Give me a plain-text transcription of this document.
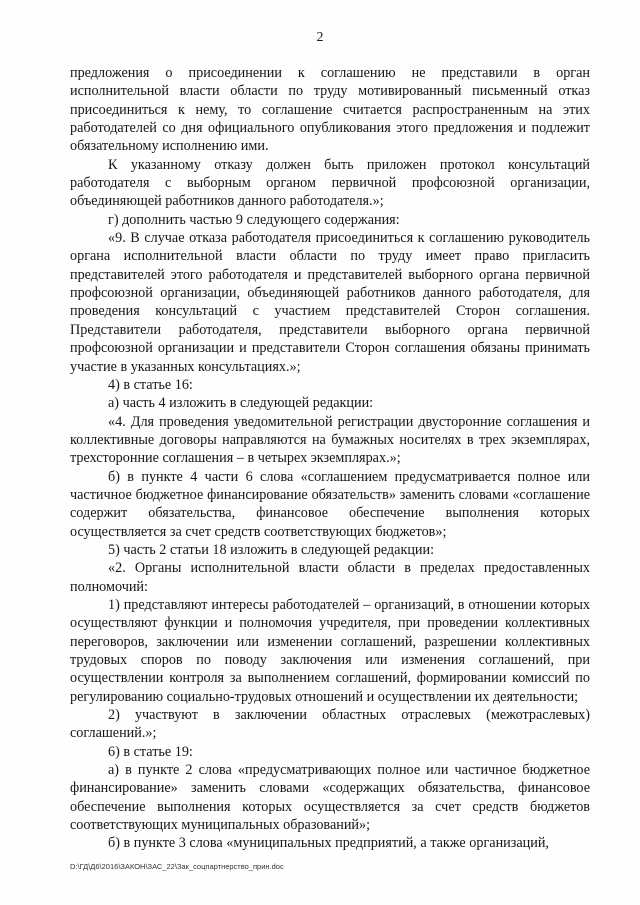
2

предложения о присоединении к соглашению не представили в орган исполнительной власти области по труду мотивированный письменный отказ присоединиться к нему, то соглашение считается распространенным на этих работодателей со дня официального опубликования этого предложения и подлежит обязательному исполнению ими.

К указанному отказу должен быть приложен протокол консультаций работодателя с выборным органом первичной профсоюзной организации, объединяющей работников данного работодателя.»;

г) дополнить частью 9 следующего содержания:

«9. В случае отказа работодателя присоединиться к соглашению руководитель органа исполнительной власти области по труду имеет право пригласить представителей этого работодателя и представителей выборного органа первичной профсоюзной организации, объединяющей работников данного работодателя, для проведения консультаций с участием представителей Сторон соглашения. Представители работодателя, представители выборного органа первичной профсоюзной организации и представители Сторон соглашения обязаны принимать участие в указанных консультациях.»;

4) в статье 16:

а) часть 4 изложить в следующей редакции:

«4. Для проведения уведомительной регистрации двусторонние соглашения и коллективные договоры направляются на бумажных носителях в трех экземплярах, трехсторонние соглашения – в четырех экземплярах.»;

б) в пункте 4 части 6 слова «соглашением предусматривается полное или частичное бюджетное финансирование обязательств» заменить словами «соглашение содержит обязательства, финансовое обеспечение выполнения которых осуществляется за счет средств соответствующих бюджетов»;

5) часть 2 статьи 18 изложить в следующей редакции:

«2. Органы исполнительной власти области в пределах предоставленных полномочий:

1) представляют интересы работодателей – организаций, в отношении которых осуществляют функции и полномочия учредителя, при проведении коллективных переговоров, заключении или изменении соглашений, разрешении коллективных трудовых споров по поводу заключения или изменения соглашений, при осуществлении контроля за выполнением соглашений, формировании комиссий по регулированию социально-трудовых отношений и осуществлении их деятельности;

2) участвуют в заключении областных отраслевых (межотраслевых) соглашений.»;

6) в статье 19:

а) в пункте 2 слова «предусматривающих полное или частичное бюджетное финансирование» заменить словами «содержащих обязательства, финансовое обеспечение выполнения которых осуществляется за счет средств бюджетов соответствующих муниципальных образований»;

б) в пункте 3 слова «муниципальных предприятий, а также организаций,

D:\ГД\Д6\2016\ЗАКОН\ЗАС_22\Зак_соцпартнерство_прин.doc
